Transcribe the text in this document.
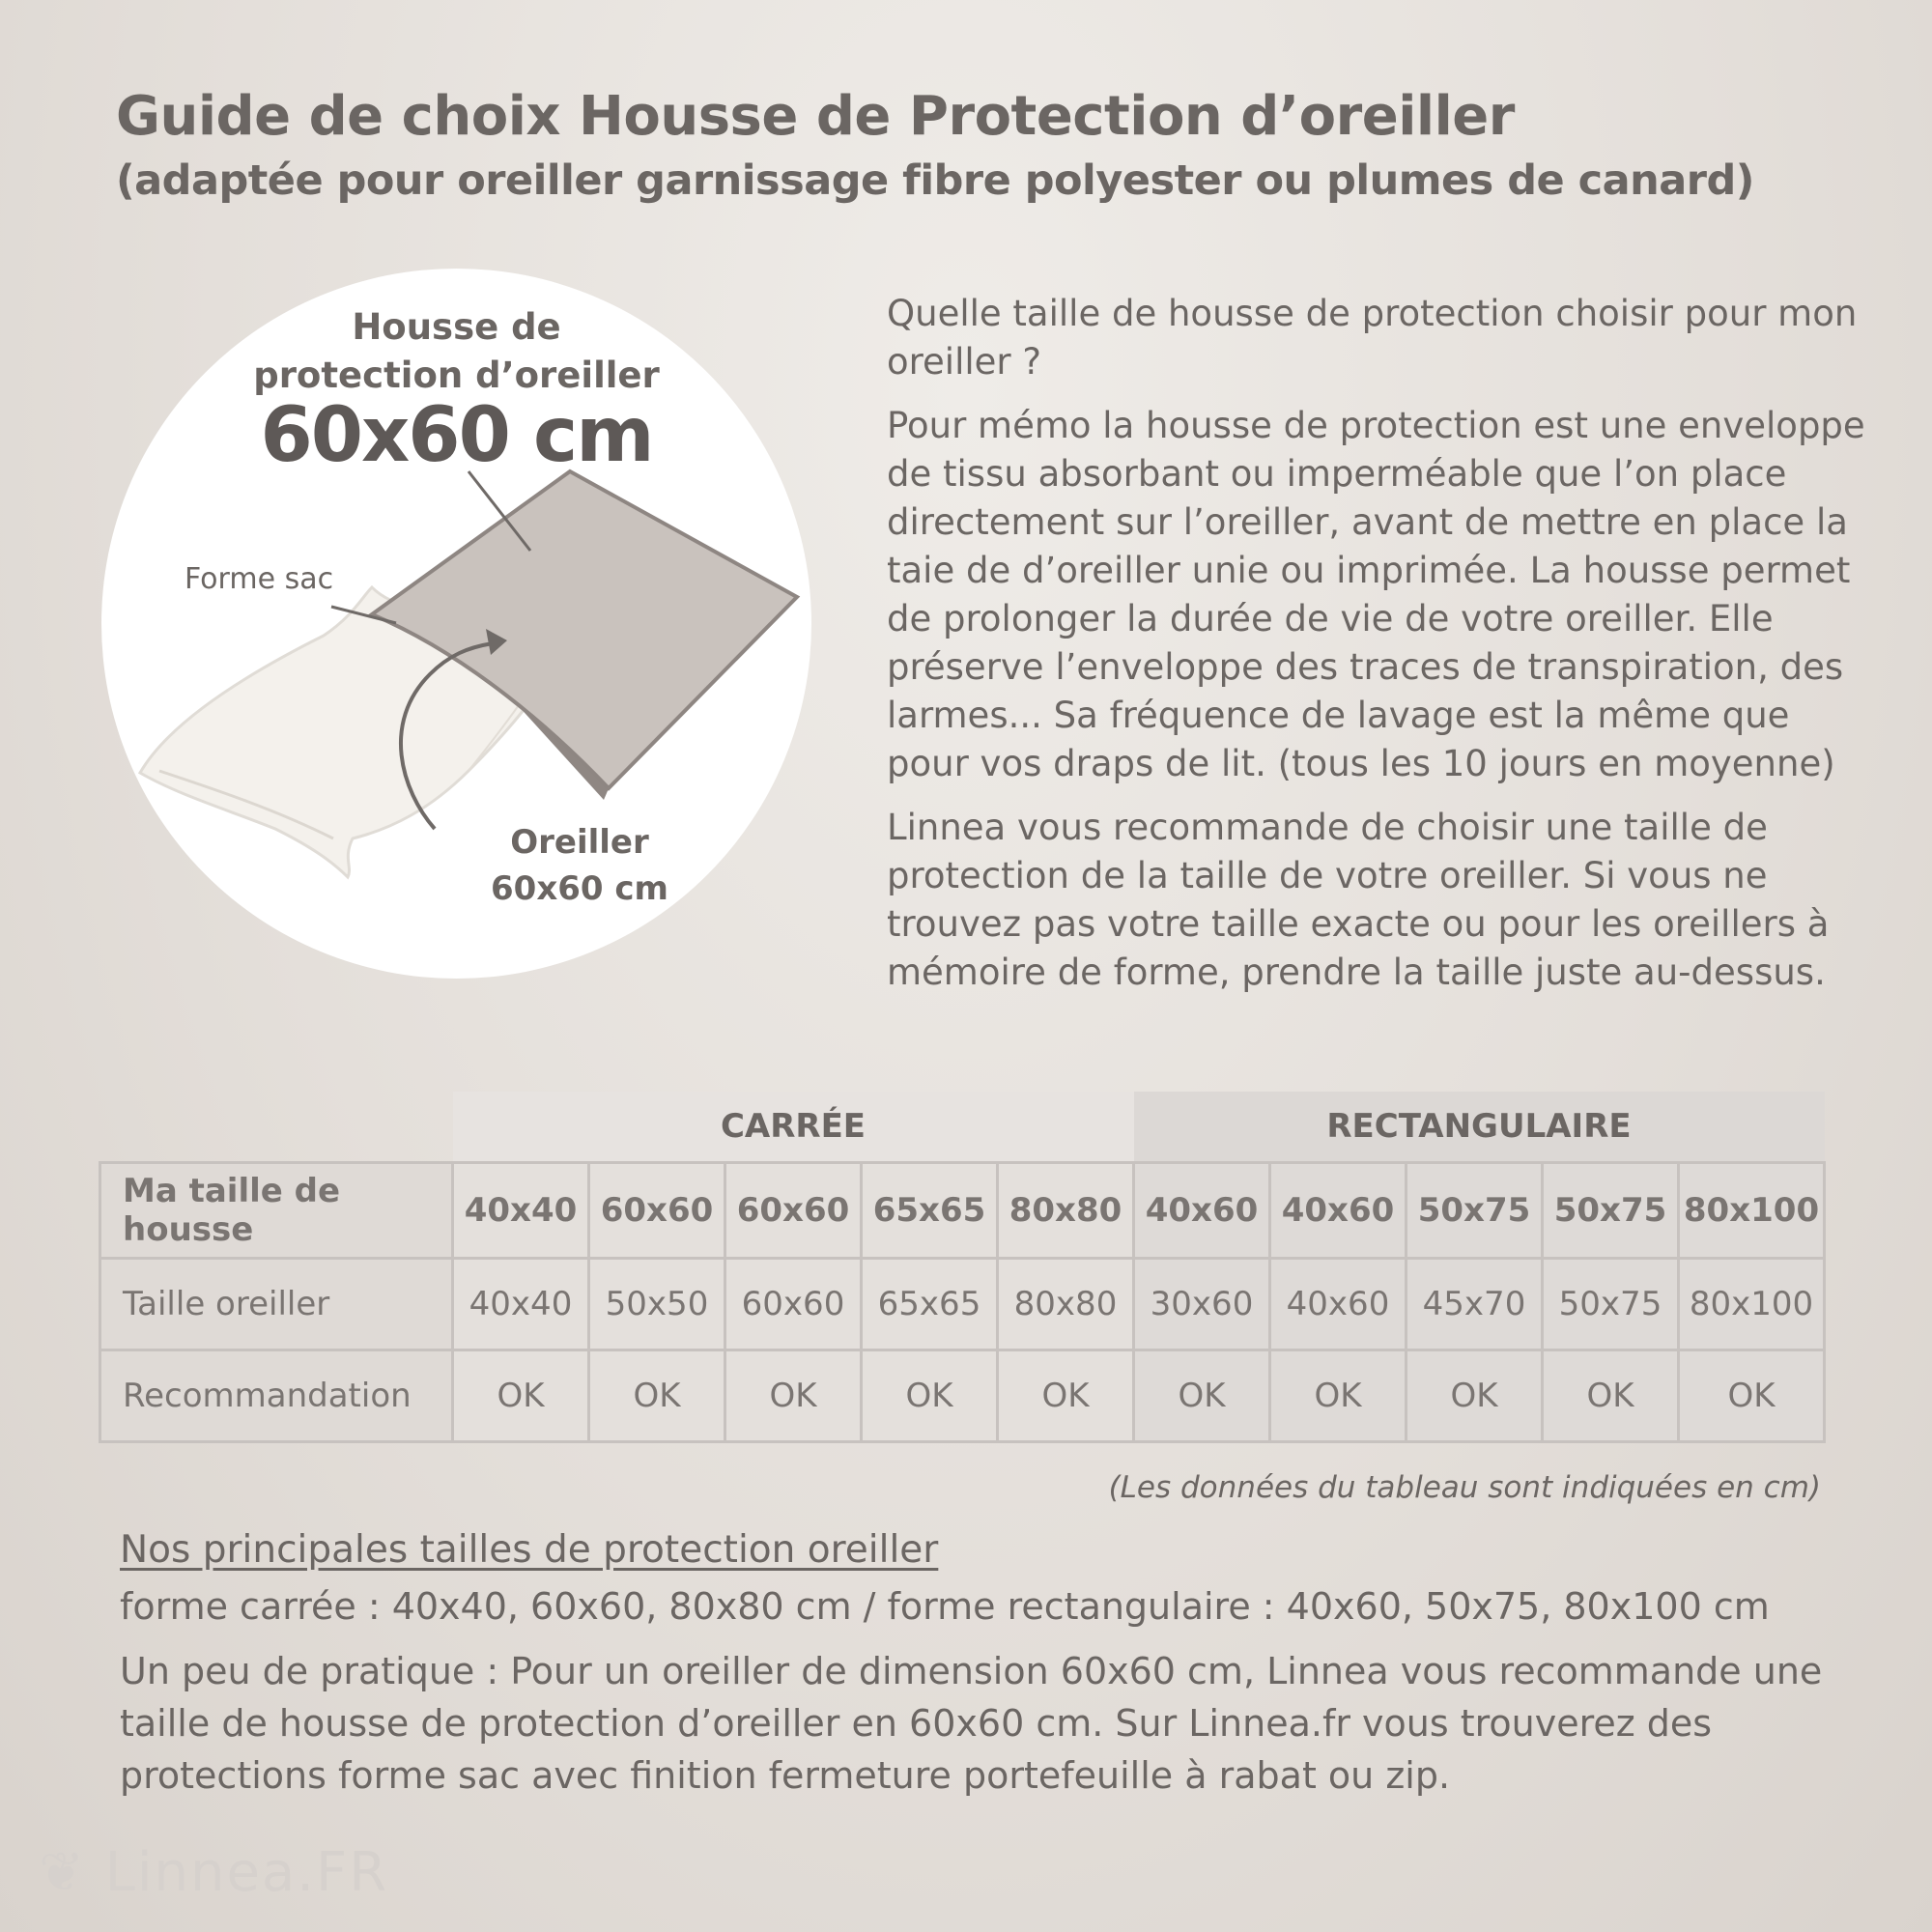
Guide de choix Housse de Protection d’oreiller
(adaptée pour oreiller garnissage fibre polyester ou plumes de canard)
Housse de
protection d’oreiller
60x60 cm
Forme sac
Oreiller
60x60 cm

Quelle taille de housse de protection choisir pour mon oreiller ?

Pour mémo la housse de protection est une enveloppe de tissu absorbant ou imperméable que l’on place directement sur l’oreiller, avant de mettre en place la taie de d’oreiller unie ou imprimée. La housse permet de prolonger la durée de vie de votre oreiller. Elle préserve l’enveloppe des traces de transpiration, des larmes... Sa fréquence de lavage est la même que pour vos draps de lit. (tous les 10 jours en moyenne)

Linnea vous recommande de choisir une taille de protection de la taille de votre oreiller. Si vous ne trouvez pas votre taille exacte ou pour les oreillers à mémoire de forme, prendre la taille juste au-dessus.

	CARRÉE					RECTANGULAIRE				
Ma taille de housse	40x40	60x60	60x60	65x65	80x80	40x60	40x60	50x75	50x75	80x100
Taille oreiller	40x40	50x50	60x60	65x65	80x80	30x60	40x60	45x70	50x75	80x100
Recommandation	OK	OK	OK	OK	OK	OK	OK	OK	OK	OK
(Les données du tableau sont indiquées en cm)
Nos principales tailles de protection oreiller
forme carrée : 40x40, 60x60, 80x80 cm / forme rectangulaire : 40x60, 50x75, 80x100 cm
Un peu de pratique : Pour un oreiller de dimension 60x60 cm, Linnea vous recommande une taille de housse de protection d’oreiller en 60x60 cm. Sur Linnea.fr vous trouverez des protections forme sac avec finition fermeture portefeuille à rabat ou zip.
❦ Linnea.FR
